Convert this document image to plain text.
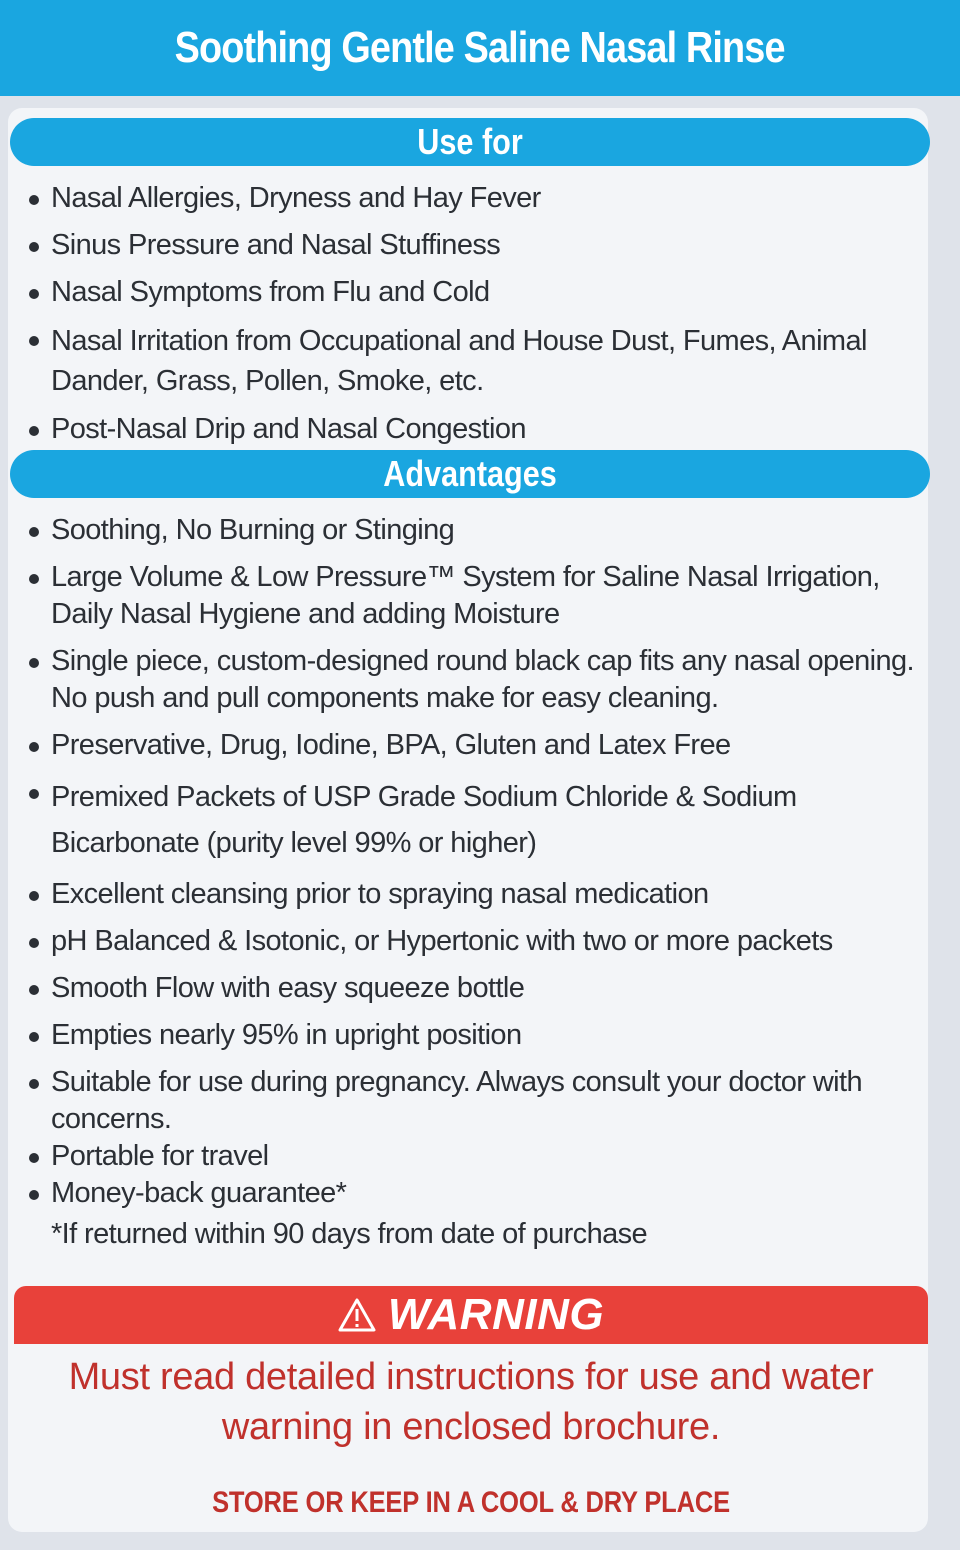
Soothing Gentle Saline Nasal Rinse
Use for
Nasal Allergies, Dryness and Hay Fever
Sinus Pressure and Nasal Stuffiness
Nasal Symptoms from Flu and Cold
Nasal Irritation from Occupational and House Dust, Fumes, Animal Dander, Grass, Pollen, Smoke, etc.
Post-Nasal Drip and Nasal Congestion
Advantages
Soothing, No Burning or Stinging
Large Volume & Low Pressure™ System for Saline Nasal Irrigation, Daily Nasal Hygiene and adding Moisture
Single piece, custom-designed round black cap fits any nasal opening. No push and pull components make for easy cleaning.
Preservative, Drug, Iodine, BPA, Gluten and Latex Free
Premixed Packets of USP Grade Sodium Chloride & Sodium Bicarbonate (purity level 99% or higher)
Excellent cleansing prior to spraying nasal medication
pH Balanced & Isotonic, or Hypertonic with two or more packets
Smooth Flow with easy squeeze bottle
Empties nearly 95% in upright position
Suitable for use during pregnancy. Always consult your doctor with concerns.
Portable for travel
Money-back guarantee*
*If returned within 90 days from date of purchase
WARNING
Must read detailed instructions for use and water warning in enclosed brochure.
STORE OR KEEP IN A COOL & DRY PLACE
